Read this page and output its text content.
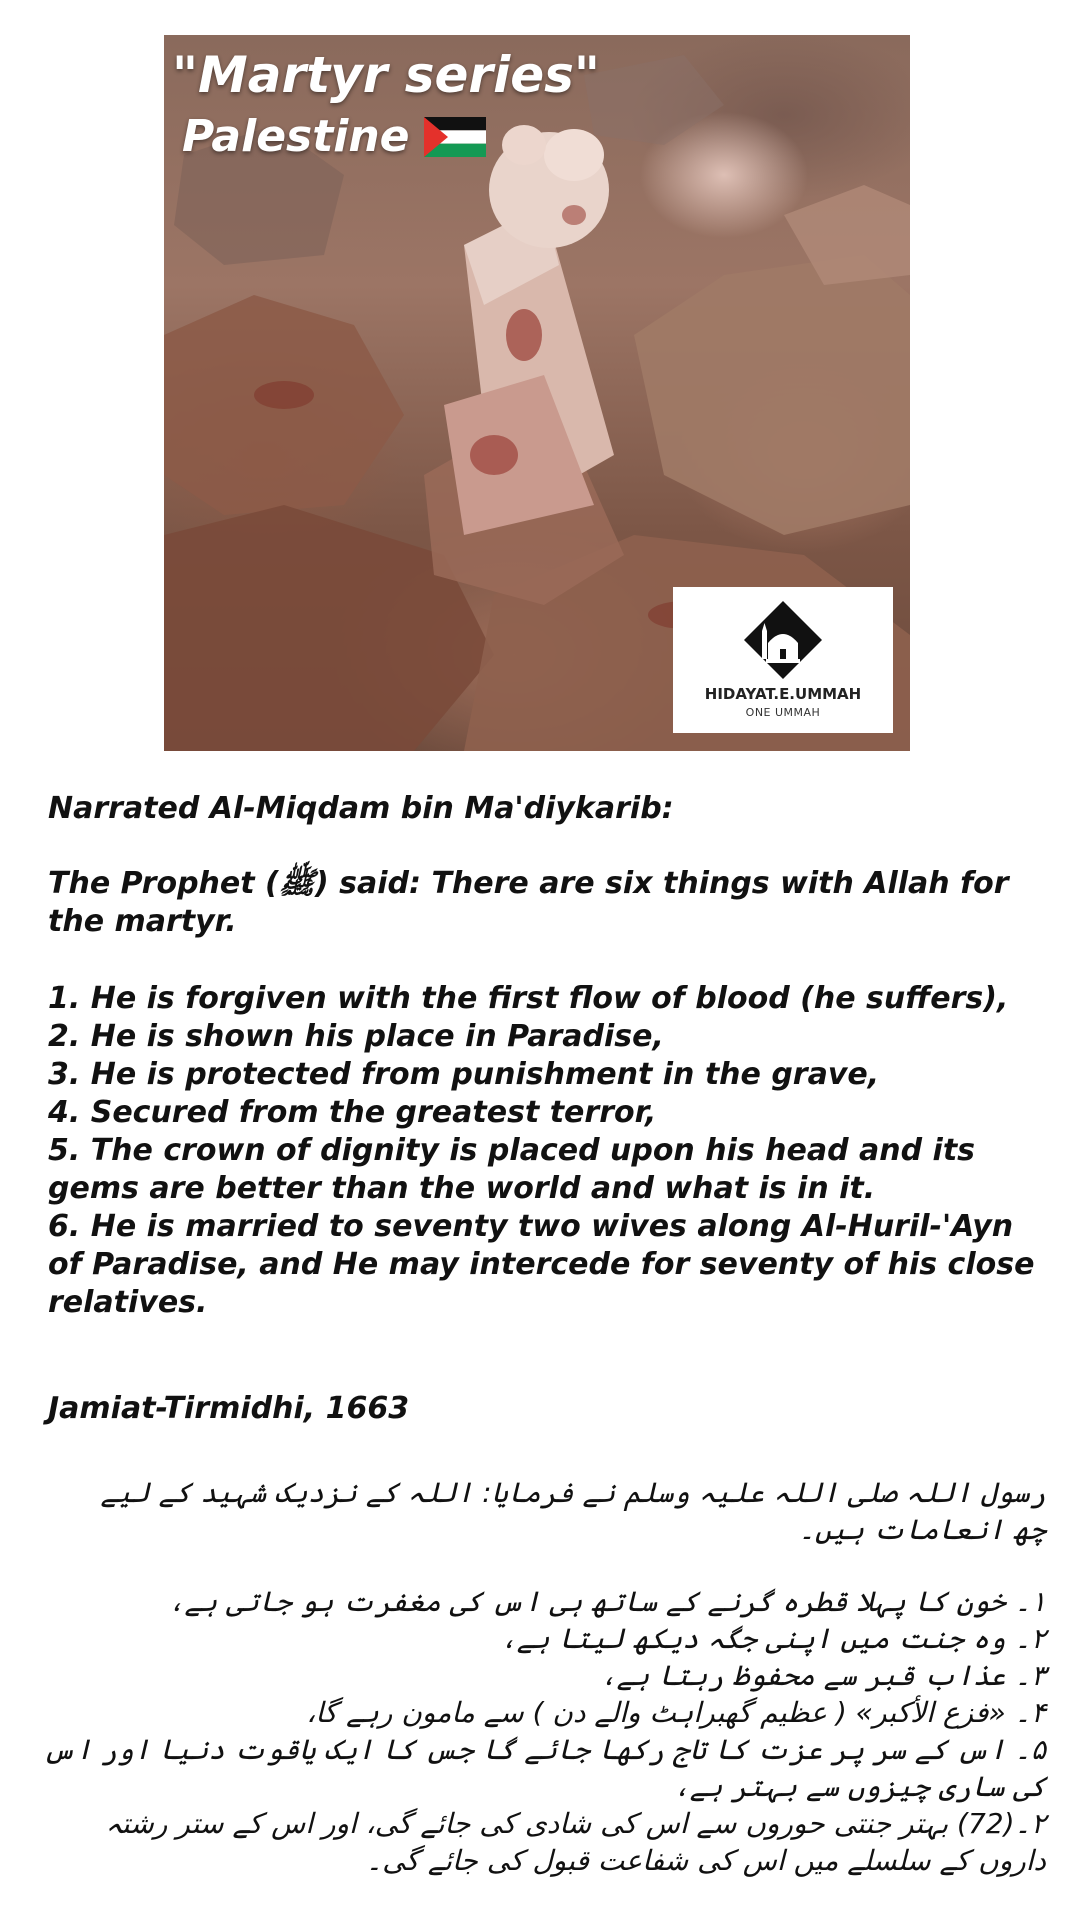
"Martyr series"
Palestine
HIDAYAT.E.UMMAH
ONE UMMAH

Narrated Al-Miqdam bin Ma'diykarib:

The Prophet (ﷺ) said: There are six things with Allah for the martyr.

1. He is forgiven with the first flow of blood (he suffers),
2. He is shown his place in Paradise,
3. He is protected from punishment in the grave,
4. Secured from the greatest terror,
5. The crown of dignity is placed upon his head and its gems are better than the world and what is in it.
6. He is married to seventy two wives along Al-Huril-'Ayn of Paradise, and He may intercede for seventy of his close relatives.

Jamiat-Tirmidhi, 1663

رسول اللہ صلی اللہ علیہ وسلم نے فرمایا: اللہ کے نزدیک شہید کے لیے چھ انعامات ہیں۔

۱۔ خون کا پہلا قطرہ گرنے کے ساتھ ہی اس کی مغفرت ہو جاتی ہے،
۲۔ وہ جنت میں اپنی جگہ دیکھ لیتا ہے،
۳۔ عذاب قبر سے محفوظ رہتا ہے،
۴۔ «فزع الأكبر» ( عظیم گھبراہٹ والے دن ) سے مامون رہے گا،
۵۔ اس کے سر پر عزت کا تاج رکھا جائے گا جس کا ایک یاقوت دنیا اور اس کی ساری چیزوں سے بہتر ہے،
۲۔(72) بہتر جنتی حوروں سے اس کی شادی کی جائے گی، اور اس کے ستر رشتہ داروں کے سلسلے میں اس کی شفاعت قبول کی جائے گی۔
